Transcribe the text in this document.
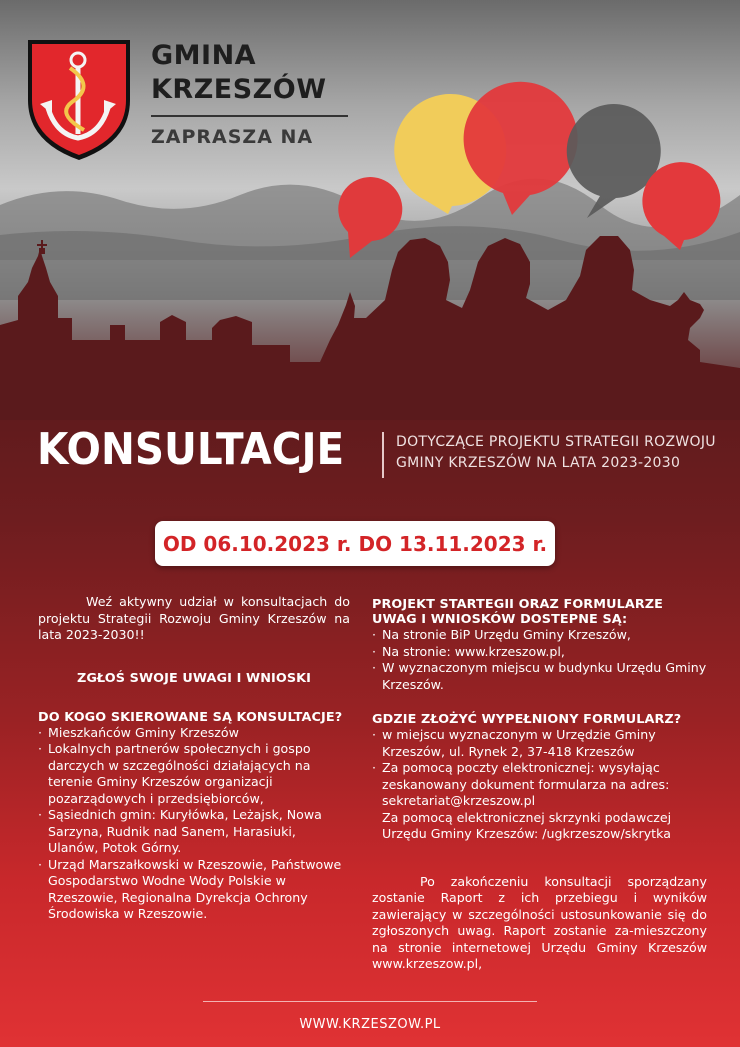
GMINA
KRZESZÓW
ZAPRASZA NA
KONSULTACJE	DOTYCZĄCE PROJEKTU STRATEGII ROZWOJU
GMINY KRZESZÓW NA LATA 2023-2030
OD 06.10.2023 r. DO 13.11.2023 r.
Weź aktywny udział w konsultacjach do projektu Strategii Rozwoju Gminy Krzeszów na lata 2023-2030!!
ZGŁOŚ SWOJE UWAGI I WNIOSKI
DO KOGO SKIEROWANE SĄ KONSULTACJE?
· Mieszkańców Gminy Krzeszów
· Lokalnych partnerów społecznych i gospo darczych w szczególności działających na terenie Gminy Krzeszów organizacji pozarządowych i przedsiębiorców,
· Sąsiednich gmin: Kuryłówka, Leżajsk, Nowa Sarzyna, Rudnik nad Sanem, Harasiuki, Ulanów, Potok Górny.
· Urząd Marszałkowski w Rzeszowie, Państwowe Gospodarstwo Wodne Wody Polskie w Rzeszowie, Regionalna Dyrekcja Ochrony Środowiska w Rzeszowie.
PROJEKT STARTEGII ORAZ FORMULARZE UWAG I WNIOSKÓW DOSTEPNE SĄ:
· Na stronie BiP Urzędu Gminy Krzeszów,
· Na stronie: www.krzeszow.pl,
· W wyznaczonym miejscu w budynku Urzędu Gminy Krzeszów.
GDZIE ZŁOŻYĆ WYPEŁNIONY FORMULARZ?
· w miejscu wyznaczonym w Urzędzie Gminy Krzeszów, ul. Rynek 2, 37-418 Krzeszów
· Za pomocą poczty elektronicznej: wysyłając zeskanowany dokument formularza na adres: sekretariat@krzeszow.pl
Za pomocą elektronicznej skrzynki podawczej Urzędu Gminy Krzeszów: /ugkrzeszow/skrytka
Po zakończeniu konsultacji sporządzany zostanie Raport z ich przebiegu i wyników zawierający w szczególności ustosunkowanie się do zgłoszonych uwag. Raport zostanie za-mieszczony na stronie internetowej Urzędu Gminy Krzeszów www.krzeszow.pl,
WWW.KRZESZOW.PL
